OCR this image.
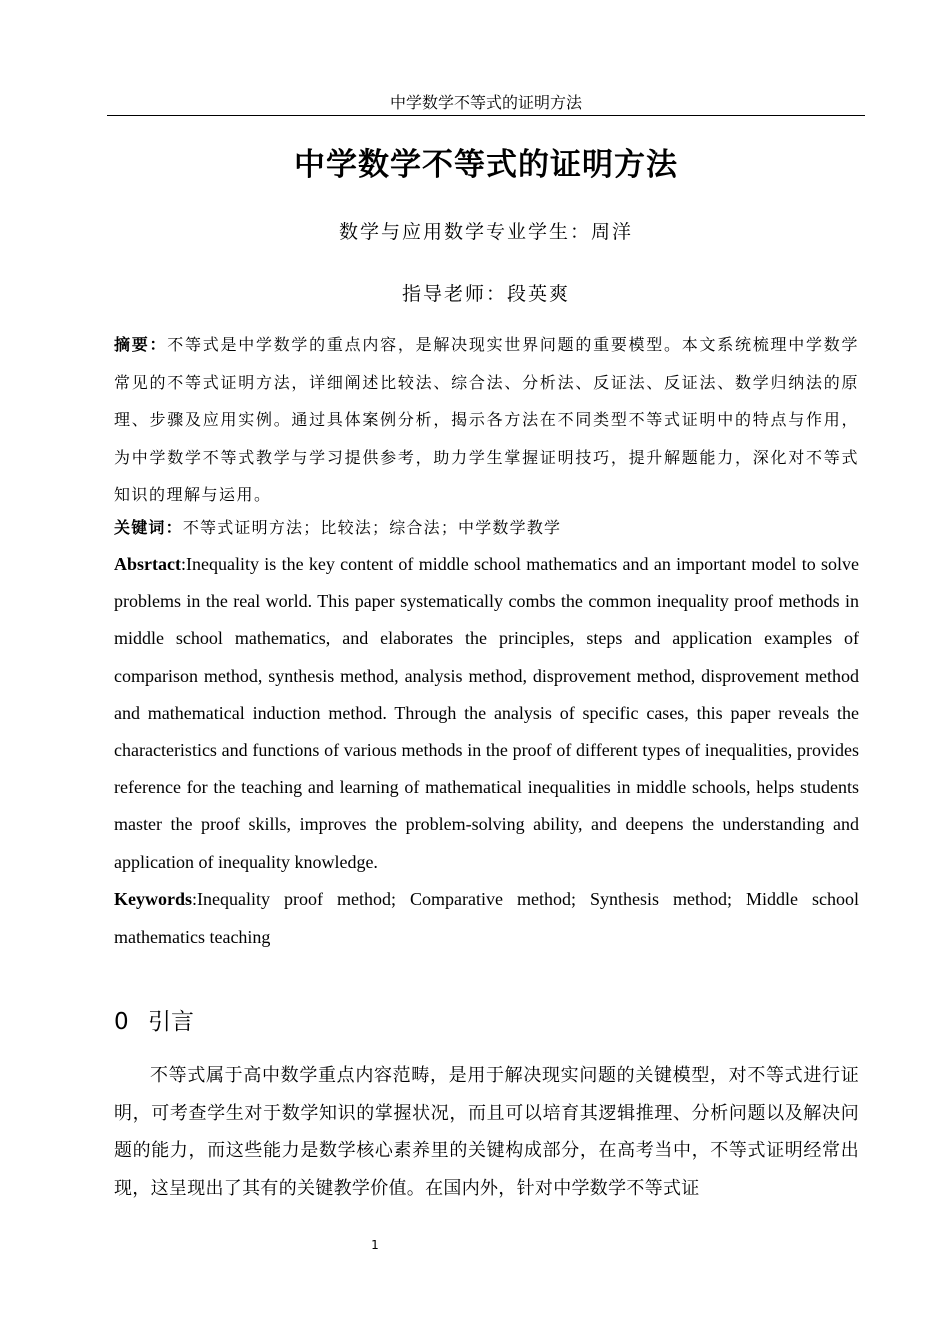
中学数学不等式的证明方法
中学数学不等式的证明方法
数学与应用数学专业学生：周洋
指导老师：段英爽
摘要：不等式是中学数学的重点内容，是解决现实世界问题的重要模型。本文系统梳理中学数学常见的不等式证明方法，详细阐述比较法、综合法、分析法、反证法、反证法、数学归纳法的原理、步骤及应用实例。通过具体案例分析，揭示各方法在不同类型不等式证明中的特点与作用，为中学数学不等式教学与学习提供参考，助力学生掌握证明技巧，提升解题能力，深化对不等式知识的理解与运用。
关键词：不等式证明方法；比较法；综合法；中学数学教学
Absrtact:Inequality is the key content of middle school mathematics and an important model to solve problems in the real world. This paper systematically combs the common inequality proof methods in middle school mathematics, and elaborates the principles, steps and application examples of comparison method, synthesis method, analysis method, disprovement method, disprovement method and mathematical induction method. Through the analysis of specific cases, this paper reveals the characteristics and functions of various methods in the proof of different types of inequalities, provides reference for the teaching and learning of mathematical inequalities in middle schools, helps students master the proof skills, improves the problem-solving ability, and deepens the understanding and application of inequality knowledge.
Keywords:Inequality proof method; Comparative method; Synthesis method; Middle school mathematics teaching
0 引言
不等式属于高中数学重点内容范畴，是用于解决现实问题的关键模型，对不等式进行证明，可考查学生对于数学知识的掌握状况，而且可以培育其逻辑推理、分析问题以及解决问题的能力，而这些能力是数学核心素养里的关键构成部分，在高考当中，不等式证明经常出现，这呈现出了其有的关键教学价值。在国内外，针对中学数学不等式证
1
